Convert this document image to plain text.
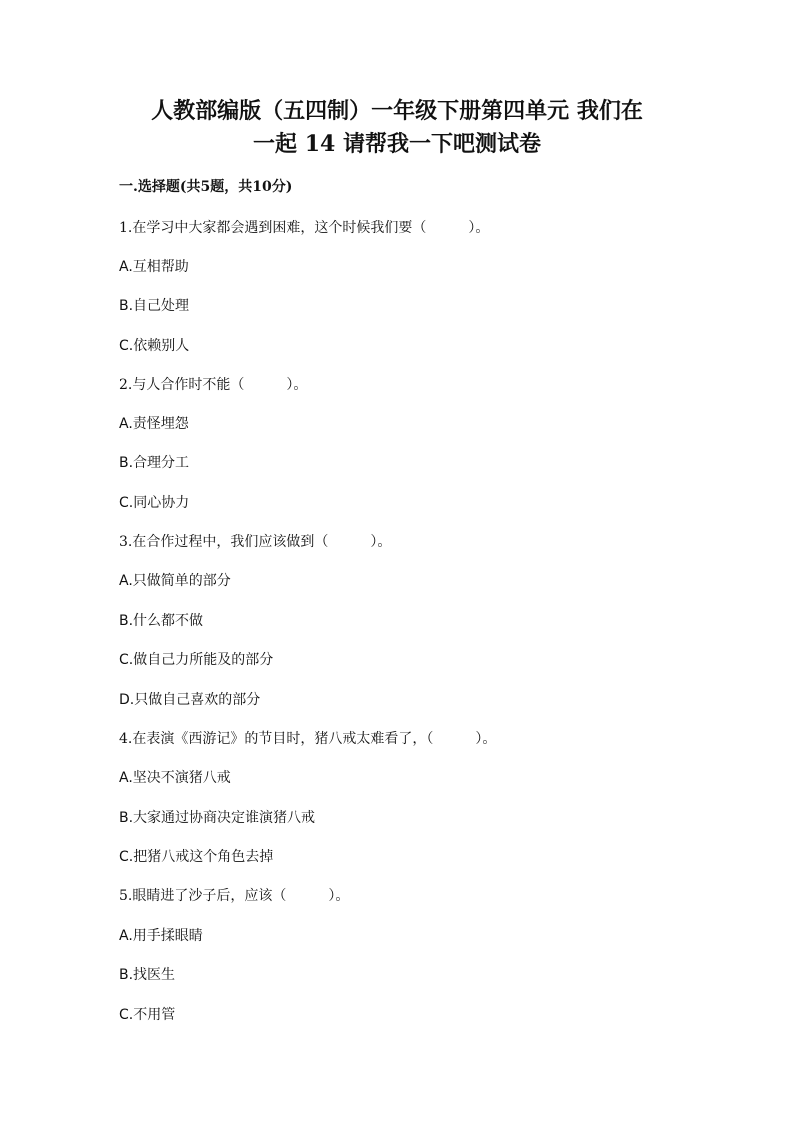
人教部编版（五四制）一年级下册第四单元 我们在
一起 14 请帮我一下吧测试卷

一.选择题(共5题，共10分)

1.在学习中大家都会遇到困难，这个时候我们要（　　　）。

A.互相帮助

B.自己处理

C.依赖别人

2.与人合作时不能（　　　）。

A.责怪埋怨

B.合理分工

C.同心协力

3.在合作过程中，我们应该做到（　　　）。

A.只做简单的部分

B.什么都不做

C.做自己力所能及的部分

D.只做自己喜欢的部分

4.在表演《西游记》的节目时，猪八戒太难看了，（　　　）。

A.坚决不演猪八戒

B.大家通过协商决定谁演猪八戒

C.把猪八戒这个角色去掉

5.眼睛进了沙子后，应该（　　　）。

A.用手揉眼睛

B.找医生

C.不用管
